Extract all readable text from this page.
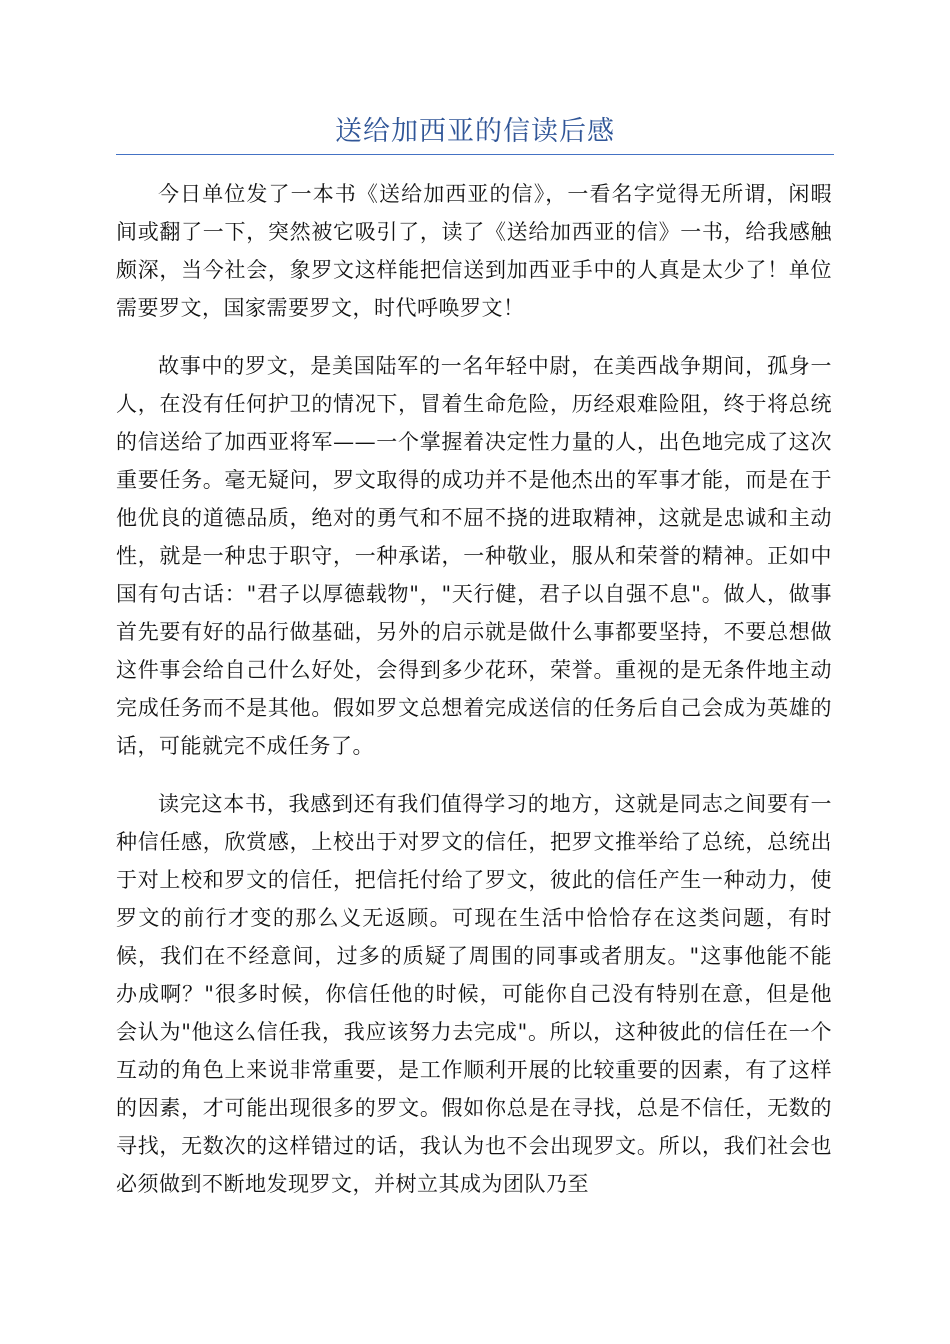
送给加西亚的信读后感

今日单位发了一本书《送给加西亚的信》，一看名字觉得无所谓，闲暇间或翻了一下，突然被它吸引了，读了《送给加西亚的信》一书，给我感触颇深，当今社会，象罗文这样能把信送到加西亚手中的人真是太少了！单位需要罗文，国家需要罗文，时代呼唤罗文！

故事中的罗文，是美国陆军的一名年轻中尉，在美西战争期间，孤身一人，在没有任何护卫的情况下，冒着生命危险，历经艰难险阻，终于将总统的信送给了加西亚将军——一个掌握着决定性力量的人，出色地完成了这次重要任务。毫无疑问，罗文取得的成功并不是他杰出的军事才能，而是在于他优良的道德品质，绝对的勇气和不屈不挠的进取精神，这就是忠诚和主动性，就是一种忠于职守，一种承诺，一种敬业，服从和荣誉的精神。正如中国有句古话："君子以厚德载物"，"天行健，君子以自强不息"。做人，做事首先要有好的品行做基础，另外的启示就是做什么事都要坚持，不要总想做这件事会给自己什么好处，会得到多少花环，荣誉。重视的是无条件地主动完成任务而不是其他。假如罗文总想着完成送信的任务后自己会成为英雄的话，可能就完不成任务了。

读完这本书，我感到还有我们值得学习的地方，这就是同志之间要有一种信任感，欣赏感，上校出于对罗文的信任，把罗文推举给了总统，总统出于对上校和罗文的信任，把信托付给了罗文，彼此的信任产生一种动力，使罗文的前行才变的那么义无返顾。可现在生活中恰恰存在这类问题，有时候，我们在不经意间，过多的质疑了周围的同事或者朋友。"这事他能不能办成啊？"很多时候，你信任他的时候，可能你自己没有特别在意，但是他会认为"他这么信任我，我应该努力去完成"。所以，这种彼此的信任在一个互动的角色上来说非常重要，是工作顺利开展的比较重要的因素，有了这样的因素，才可能出现很多的罗文。假如你总是在寻找，总是不信任，无数的寻找，无数次的这样错过的话，我认为也不会出现罗文。所以，我们社会也必须做到不断地发现罗文，并树立其成为团队乃至
